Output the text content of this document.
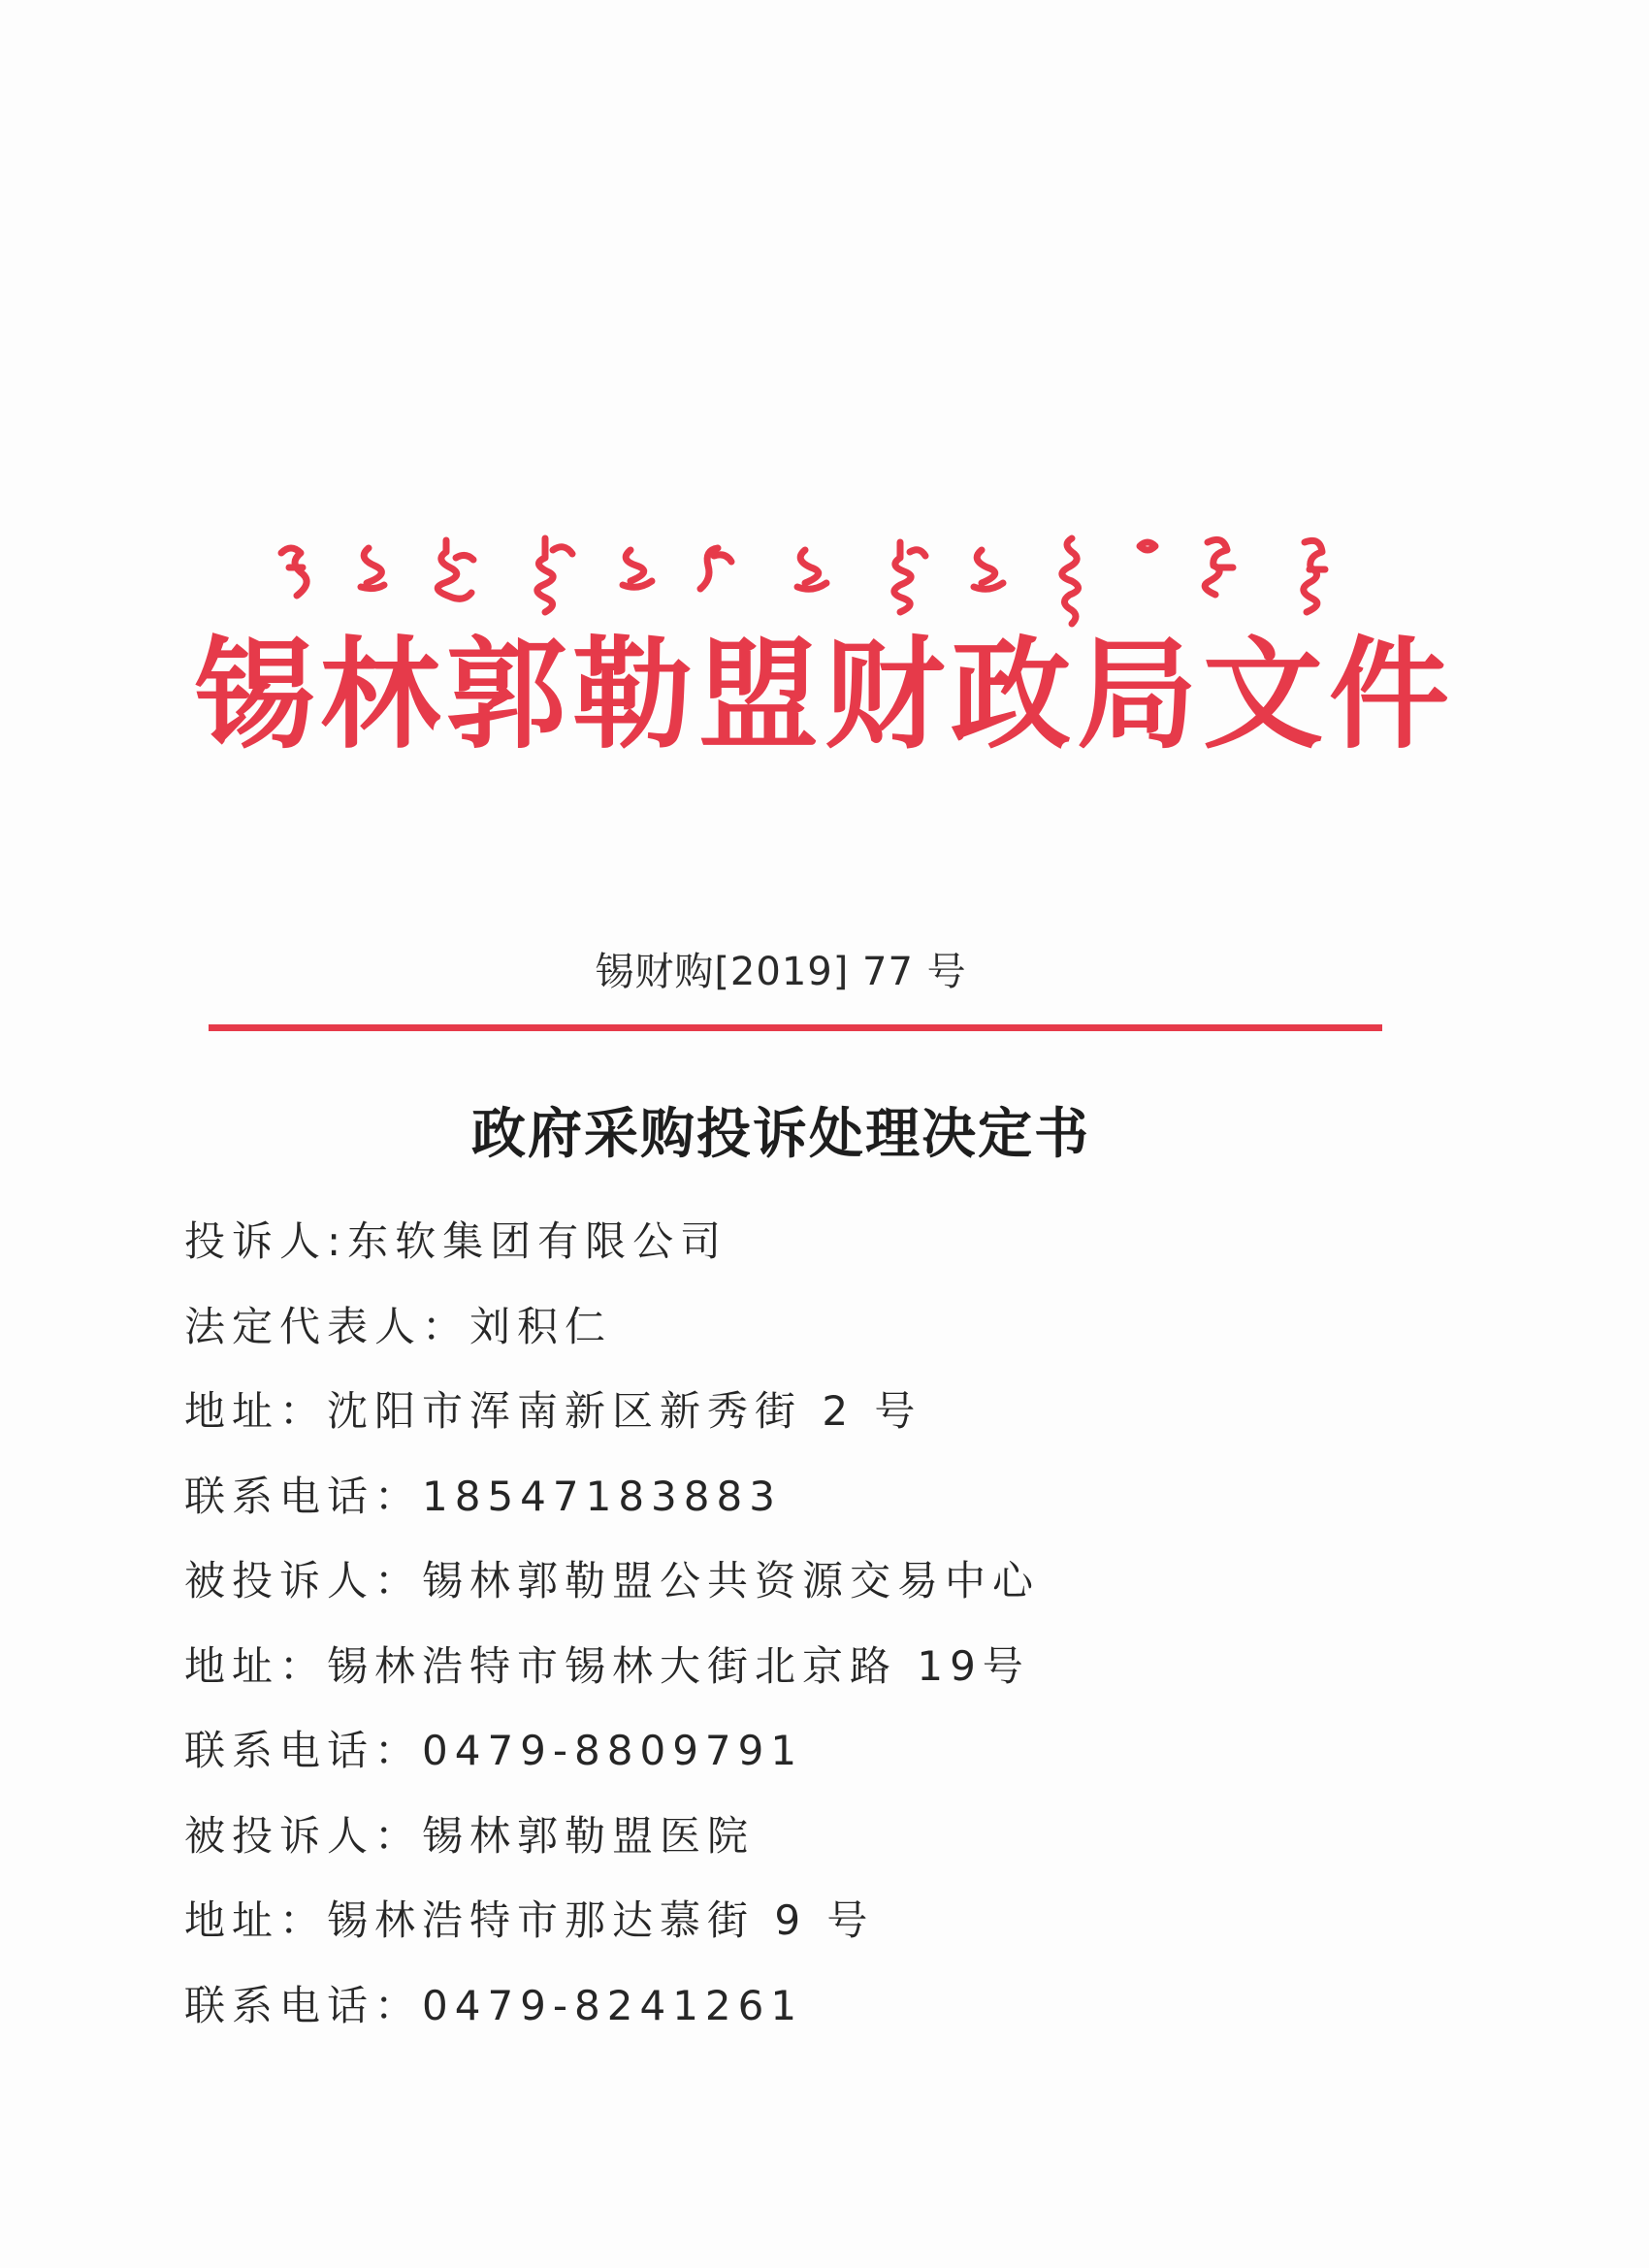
锡林郭勒盟财政局文件
锡财购[2019] 77 号
政府采购投诉处理决定书
投诉人:东软集团有限公司
法定代表人：刘积仁
地址：沈阳市浑南新区新秀街 2 号
联系电话：18547183883
被投诉人：锡林郭勒盟公共资源交易中心
地址：锡林浩特市锡林大街北京路 19号
联系电话：0479-8809791
被投诉人：锡林郭勒盟医院
地址：锡林浩特市那达慕街 9 号
联系电话：0479-8241261
